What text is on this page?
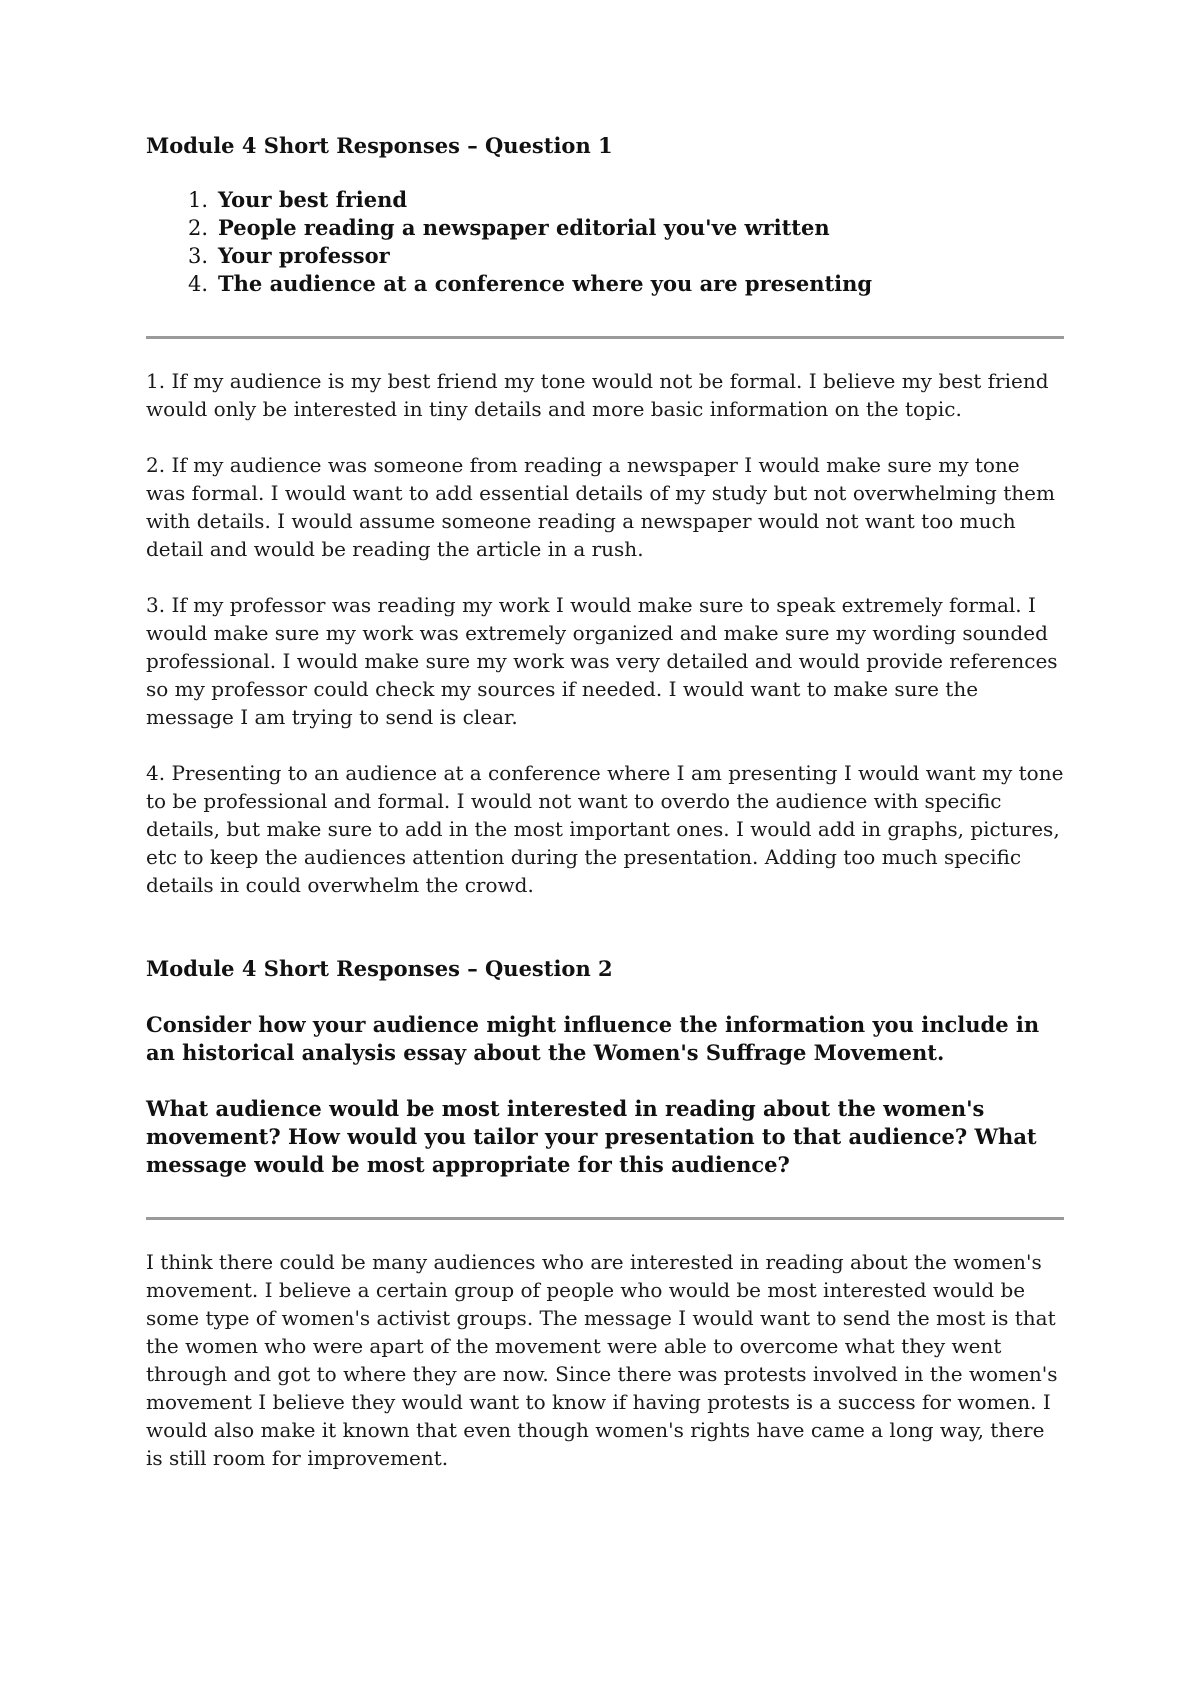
Module 4 Short Responses – Question 1
1. Your best friend
2. People reading a newspaper editorial you've written
3. Your professor
4. The audience at a conference where you are presenting

1. If my audience is my best friend my tone would not be formal. I believe my best friend would only be interested in tiny details and more basic information on the topic.

2. If my audience was someone from reading a newspaper I would make sure my tone was formal. I would want to add essential details of my study but not overwhelming them with details. I would assume someone reading a newspaper would not want too much detail and would be reading the article in a rush.

3. If my professor was reading my work I would make sure to speak extremely formal. I would make sure my work was extremely organized and make sure my wording sounded professional. I would make sure my work was very detailed and would provide references so my professor could check my sources if needed. I would want to make sure the message I am trying to send is clear.

4. Presenting to an audience at a conference where I am presenting I would want my tone to be professional and formal. I would not want to overdo the audience with specific details, but make sure to add in the most important ones. I would add in graphs, pictures, etc to keep the audiences attention during the presentation. Adding too much specific details in could overwhelm the crowd.

Module 4 Short Responses – Question 2

Consider how your audience might influence the information you include in an historical analysis essay about the Women's Suffrage Movement.

What audience would be most interested in reading about the women's movement? How would you tailor your presentation to that audience? What message would be most appropriate for this audience?

I think there could be many audiences who are interested in reading about the women's movement. I believe a certain group of people who would be most interested would be some type of women's activist groups. The message I would want to send the most is that the women who were apart of the movement were able to overcome what they went through and got to where they are now. Since there was protests involved in the women's movement I believe they would want to know if having protests is a success for women. I would also make it known that even though women's rights have came a long way, there is still room for improvement.
